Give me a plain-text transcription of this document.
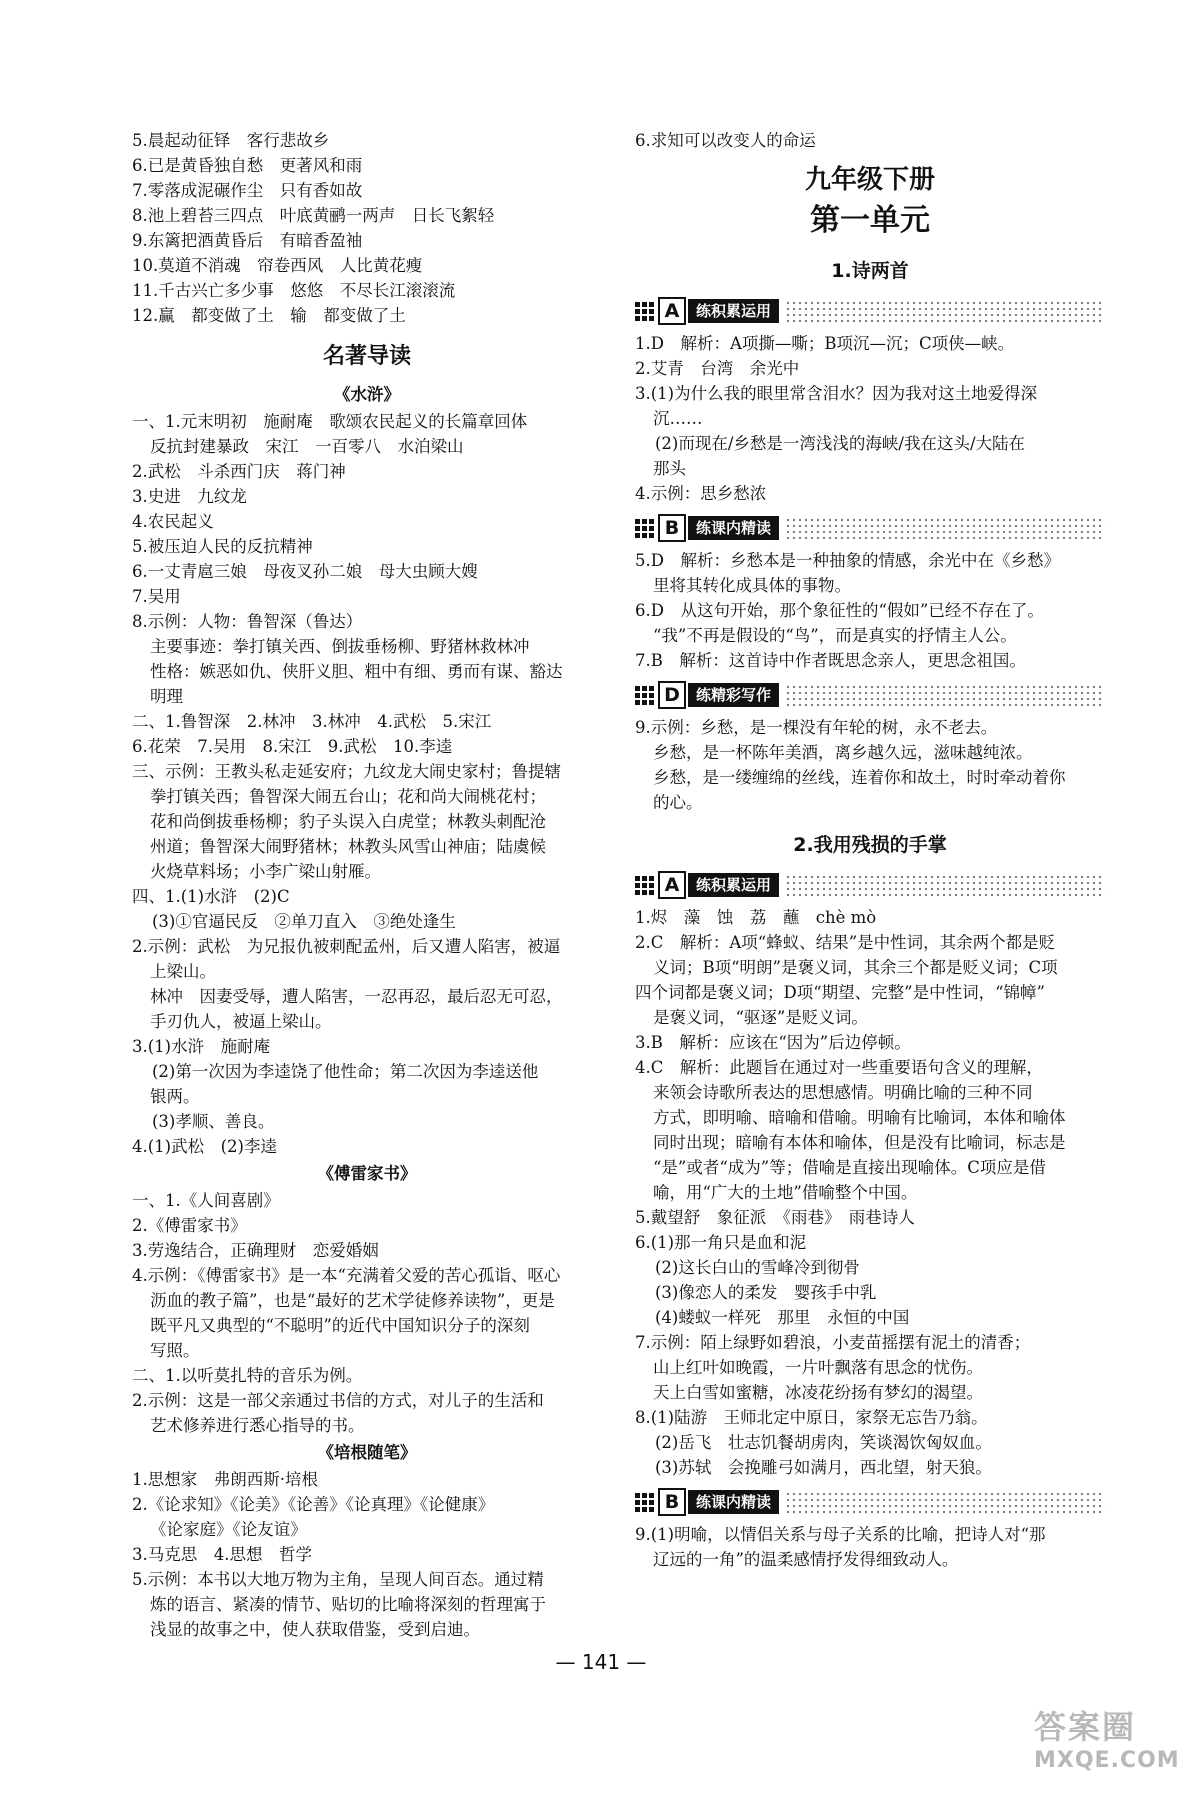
5.晨起动征铎　客行悲故乡

6.已是黄昏独自愁　更著风和雨

7.零落成泥碾作尘　只有香如故

8.池上碧苔三四点　叶底黄鹂一两声　日长飞絮轻

9.东篱把酒黄昏后　有暗香盈袖

10.莫道不消魂　帘卷西风　人比黄花瘦

11.千古兴亡多少事　悠悠　不尽长江滚滚流

12.赢　都变做了土　输　都变做了土

名著导读
《水浒》

一、1.元末明初　施耐庵　歌颂农民起义的长篇章回体

反抗封建暴政　宋江　一百零八　水泊梁山

2.武松　斗杀西门庆　蒋门神

3.史进　九纹龙

4.农民起义

5.被压迫人民的反抗精神

6.一丈青扈三娘　母夜叉孙二娘　母大虫顾大嫂

7.吴用

8.示例：人物：鲁智深（鲁达）

主要事迹：拳打镇关西、倒拔垂杨柳、野猪林救林冲

性格：嫉恶如仇、侠肝义胆、粗中有细、勇而有谋、豁达

明理

二、1.鲁智深　2.林冲　3.林冲　4.武松　5.宋江

6.花荣　7.吴用　8.宋江　9.武松　10.李逵

三、示例：王教头私走延安府；九纹龙大闹史家村；鲁提辖

拳打镇关西；鲁智深大闹五台山；花和尚大闹桃花村；

花和尚倒拔垂杨柳；豹子头误入白虎堂；林教头刺配沧

州道；鲁智深大闹野猪林；林教头风雪山神庙；陆虞候

火烧草料场；小李广梁山射雁。

四、1.(1)水浒　(2)C

(3)①官逼民反　②单刀直入　③绝处逢生

2.示例：武松　为兄报仇被刺配孟州，后又遭人陷害，被逼

上梁山。

林冲　因妻受辱，遭人陷害，一忍再忍，最后忍无可忍，

手刃仇人，被逼上梁山。

3.(1)水浒　施耐庵

(2)第一次因为李逵饶了他性命；第二次因为李逵送他

银两。

(3)孝顺、善良。

4.(1)武松　(2)李逵

《傅雷家书》

一、1.《人间喜剧》

2.《傅雷家书》

3.劳逸结合，正确理财　恋爱婚姻

4.示例：《傅雷家书》是一本“充满着父爱的苦心孤诣、呕心

沥血的教子篇”，也是“最好的艺术学徒修养读物”，更是

既平凡又典型的“不聪明”的近代中国知识分子的深刻

写照。

二、1.以听莫扎特的音乐为例。

2.示例：这是一部父亲通过书信的方式，对儿子的生活和

艺术修养进行悉心指导的书。

《培根随笔》

1.思想家　弗朗西斯·培根

2.《论求知》《论美》《论善》《论真理》《论健康》

《论家庭》《论友谊》

3.马克思　4.思想　哲学

5.示例：本书以大地万物为主角，呈现人间百态。通过精

炼的语言、紧凑的情节、贴切的比喻将深刻的哲理寓于

浅显的故事之中，使人获取借鉴，受到启迪。

6.求知可以改变人的命运

九年级下册
第一单元
1.诗两首
A	练积累运用

1.D　解析：A项撕—嘶；B项沉—沉；C项侠—峡。

2.艾青　台湾　余光中

3.(1)为什么我的眼里常含泪水？因为我对这土地爱得深

沉……

(2)而现在/乡愁是一湾浅浅的海峡/我在这头/大陆在

那头

4.示例：思乡愁浓

B	练课内精读

5.D　解析：乡愁本是一种抽象的情感，余光中在《乡愁》

里将其转化成具体的事物。

6.D　从这句开始，那个象征性的“假如”已经不存在了。

“我”不再是假设的“鸟”，而是真实的抒情主人公。

7.B　解析：这首诗中作者既思念亲人，更思念祖国。

D	练精彩写作

9.示例：乡愁，是一棵没有年轮的树，永不老去。

乡愁，是一杯陈年美酒，离乡越久远，滋味越纯浓。

乡愁，是一缕缠绵的丝线，连着你和故土，时时牵动着你

的心。

2.我用残损的手掌
A	练积累运用

1.烬　藻　蚀　荔　蘸　chè mò

2.C　解析：A项“蜂蚁、结果”是中性词，其余两个都是贬

义词；B项“明朗”是褒义词，其余三个都是贬义词；C项

四个词都是褒义词；D项“期望、完整”是中性词，“锦幛”

是褒义词，“驱逐”是贬义词。

3.B　解析：应该在“因为”后边停顿。

4.C　解析：此题旨在通过对一些重要语句含义的理解，

来领会诗歌所表达的思想感情。明确比喻的三种不同

方式，即明喻、暗喻和借喻。明喻有比喻词，本体和喻体

同时出现；暗喻有本体和喻体，但是没有比喻词，标志是

“是”或者“成为”等；借喻是直接出现喻体。C项应是借

喻，用“广大的土地”借喻整个中国。

5.戴望舒　象征派　《雨巷》　雨巷诗人

6.(1)那一角只是血和泥

(2)这长白山的雪峰冷到彻骨

(3)像恋人的柔发　婴孩手中乳

(4)蝼蚁一样死　那里　永恒的中国

7.示例：陌上绿野如碧浪，小麦苗摇摆有泥土的清香；

山上红叶如晚霞，一片叶飘落有思念的忧伤。

天上白雪如蜜糖，冰凌花纷扬有梦幻的渴望。

8.(1)陆游　王师北定中原日，家祭无忘告乃翁。

(2)岳飞　壮志饥餐胡虏肉，笑谈渴饮匈奴血。

(3)苏轼　会挽雕弓如满月，西北望，射天狼。

B	练课内精读

9.(1)明喻，以情侣关系与母子关系的比喻，把诗人对“那

辽远的一角”的温柔感情抒发得细致动人。

— 141 —
答案圈
MXQE.COM
